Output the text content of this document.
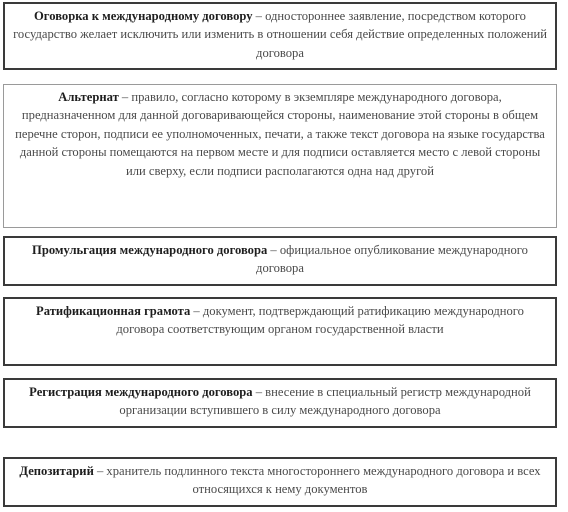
Оговорка к международному договору – одностороннее заявление, посредством которого государство желает исключить или изменить в отношении себя действие определенных положений договора
Альтернат – правило, согласно которому в экземпляре международного договора, предназначенном для данной договаривающейся стороны, наименование этой стороны в общем перечне сторон, подписи ее уполномоченных, печати, а также текст договора на языке государства данной стороны помещаются на первом месте и для подписи оставляется место с левой стороны или сверху, если подписи располагаются одна над другой
Промульгация международного договора – официальное опубликование международного договора
Ратификационная грамота – документ, подтверждающий ратификацию международного договора соответствующим органом государственной власти
Регистрация международного договора – внесение в специальный регистр международной организации вступившего в силу международного договора
Депозитарий – хранитель подлинного текста многостороннего международного договора и всех относящихся к нему документов
